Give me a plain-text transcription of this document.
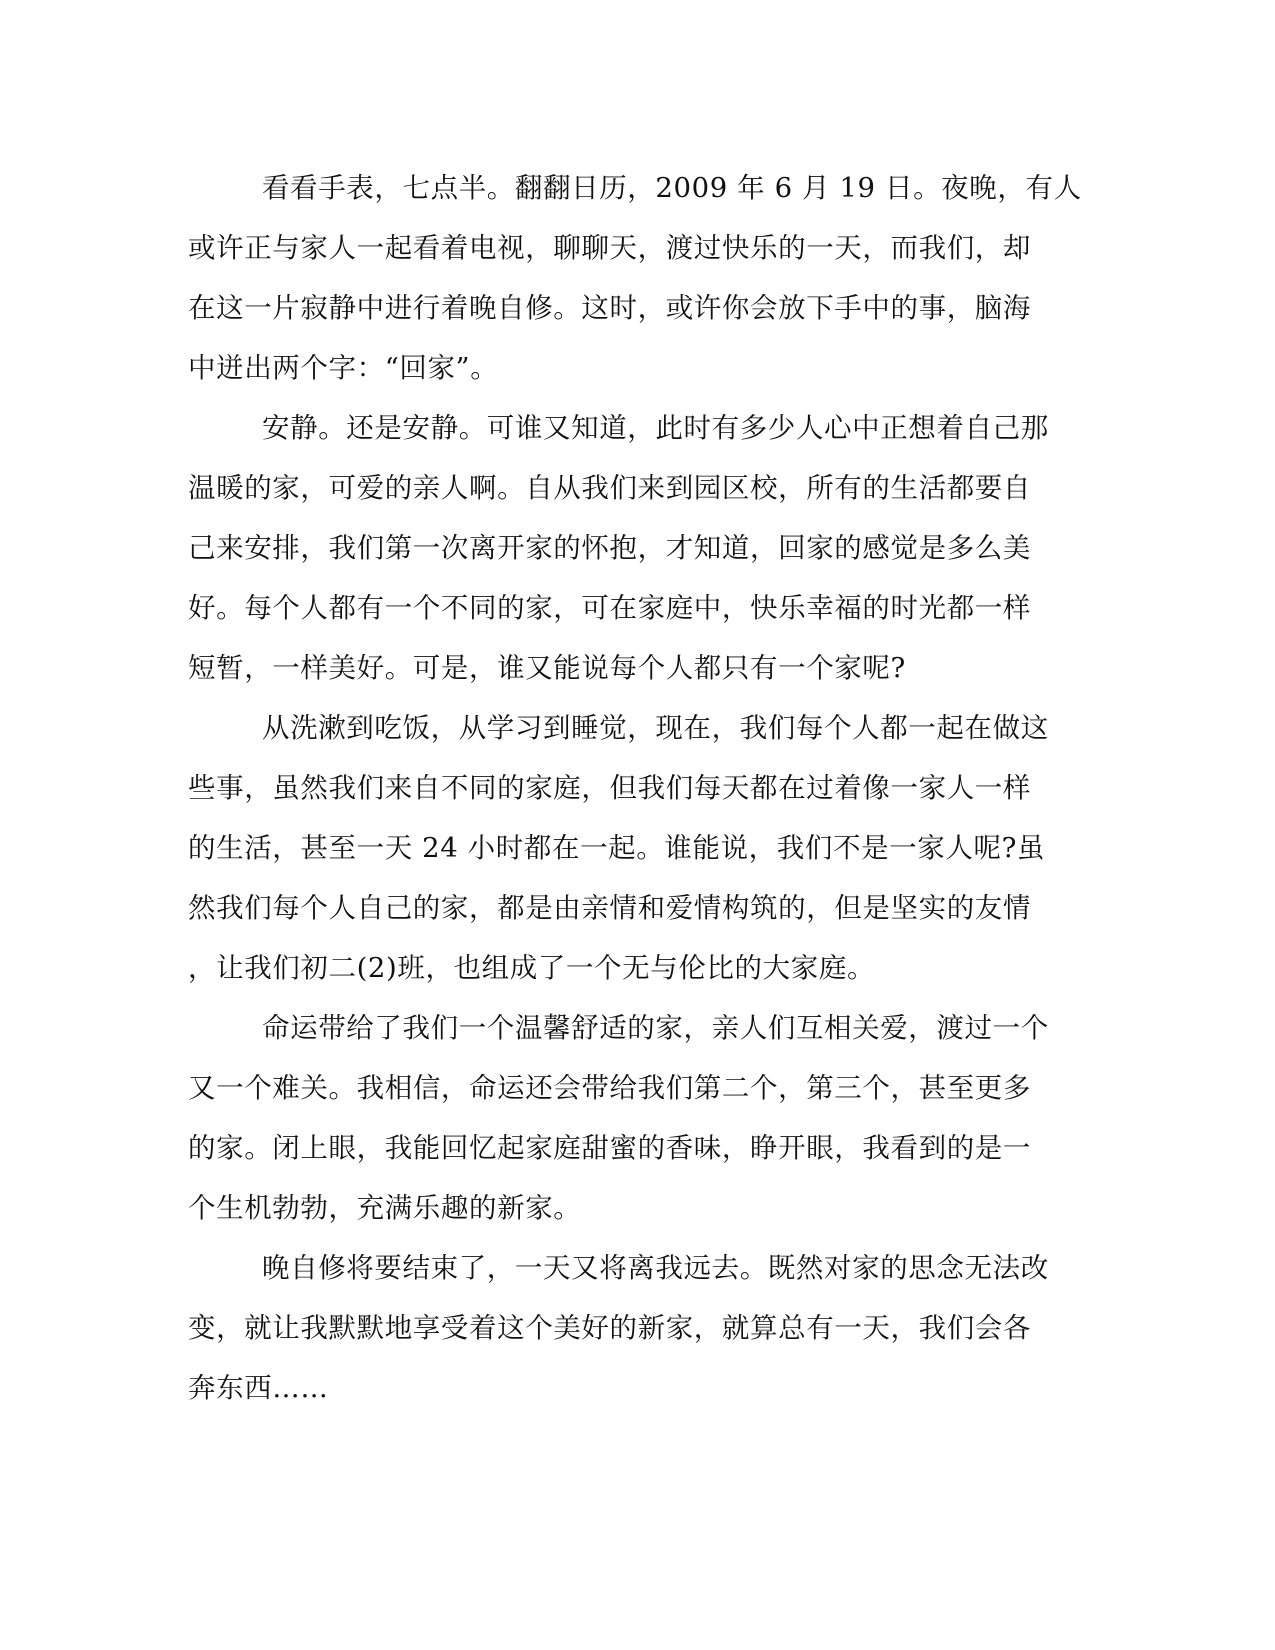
看看手表，七点半。翻翻日历，2009 年 6 月 19 日。夜晚，有人
或许正与家人一起看着电视，聊聊天，渡过快乐的一天，而我们，却
在这一片寂静中进行着晚自修。这时，或许你会放下手中的事，脑海
中迸出两个字：“回家”。
安静。还是安静。可谁又知道，此时有多少人心中正想着自己那
温暖的家，可爱的亲人啊。自从我们来到园区校，所有的生活都要自
己来安排，我们第一次离开家的怀抱，才知道，回家的感觉是多么美
好。每个人都有一个不同的家，可在家庭中，快乐幸福的时光都一样
短暂，一样美好。可是，谁又能说每个人都只有一个家呢?
从洗漱到吃饭，从学习到睡觉，现在，我们每个人都一起在做这
些事，虽然我们来自不同的家庭，但我们每天都在过着像一家人一样
的生活，甚至一天 24 小时都在一起。谁能说，我们不是一家人呢?虽
然我们每个人自己的家，都是由亲情和爱情构筑的，但是坚实的友情
，让我们初二(2)班，也组成了一个无与伦比的大家庭。
命运带给了我们一个温馨舒适的家，亲人们互相关爱，渡过一个
又一个难关。我相信，命运还会带给我们第二个，第三个，甚至更多
的家。闭上眼，我能回忆起家庭甜蜜的香味，睁开眼，我看到的是一
个生机勃勃，充满乐趣的新家。
晚自修将要结束了，一天又将离我远去。既然对家的思念无法改
变，就让我默默地享受着这个美好的新家，就算总有一天，我们会各
奔东西……
